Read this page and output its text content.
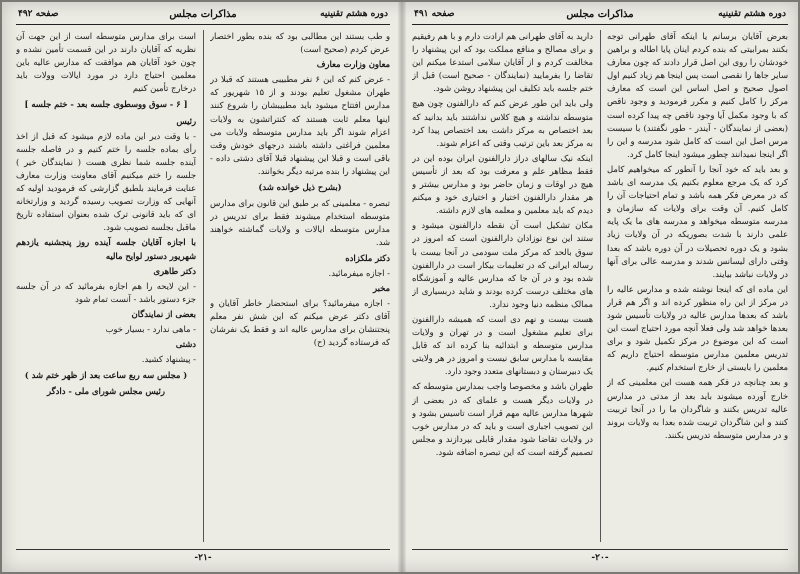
دوره هشتم تقنینیه
مذاکرات مجلس
صفحه ۴۹۲

و طب بستند این مطالبی بود که بنده بطور اختصار عرض کردم (صحیح است)

معاون وزارت معارف

- عرض کنم که این ۶ نفر مطبیبی هستند که قبلا در طهران مشغول تعلیم بودند و از ۱۵ شهریور که مدارس افتتاح میشود باید مطبیبشان را شروع کنند اینها معلم ثابت هستند که کنتراتشون به ولایات اعزام شوند اگر باید مدارس متوسطه ولایات می معلمین فراغتی داشته باشند درجهای خودش وقت باقی است و قبلا این پیشنهاد قبلا آقای دشتی داده - این پیشنهاد را بنده مرتبه دیگر بخوانند.

(بشرح ذیل خوانده شد)

تبصره - معلمینی که بر طبق این قانون برای مدارس متوسطه استخدام میشوند فقط برای تدریس در مدارس متوسطه ایالات و ولایات گماشته خواهند شد.

دکتر ملکزاده

- اجازه میفرمائید.

مخبر

- اجازه میفرمائید؟ برای استحضار خاطر آقایان و آقای دکتر عرض میکنم که این شش نفر معلم پنجتنشان برای مدارس عالیه اند و فقط یک نفرشان که فرستاده گردید (ح)

است برای مدارس متوسطه است از این جهت آن نظریه که آقایان دارند در این قسمت تأمین نشده و چون خود آقایان هم موافقت که مدارس عالیه باین معلمین احتیاج دارد در مورد ایالات وولات باید درخارج تأمین کنیم

[ ۶ - سوق ووسطوی جلسه بعد - ختم جلسه ]

رئیس

- با وقت دیر این ماده لازم میشود که قبل از اخذ رأی بماده جلسه را ختم کنیم و در فاصله جلسه آینده جلسه شما نظری هست ( نمایندگان خیر ) جلسه را ختم میکنیم آقای معاونت وزارت معارف عنایت فرمایند بلطبق گزارشی که فرمودید اولیه که آنهایی که وزارت تصویب رسیده گردید و وزارتخانه ای که باید قانونی ترک شده بعنوان استفاده تاریخ ماقبل بجلسه تصویب شود.

با اجازه آقایان جلسه آینده روز پنجشنبه یازدهم شهریور دستور لوایح مالیه

دکتر طاهری

- این لایحه را هم اجازه بفرمائید که در آن جلسه جزء دستور باشد - آنست تمام شود

بعضی از نمایندگان

- ماهی ندارد - بسیار خوب

دشتی

- پیشنهاد کشید.

( مجلس سه ربع ساعت بعد از ظهر ختم شد )

رئیس مجلس شورای ملی - دادگر

-۲۱-
دوره هشتم تقنینیه
مذاکرات مجلس
صفحه ۴۹۱

بعرض آقایان برسانم یا اینکه آقای طهرانی توجه بکنند بمرابیتی که بنده کردم اینان پایا اطاله و براهین خودشان را روی این اصل قرار دادند که چون معارف سایر جاها را نقصی است پس اینجا هم زیاد کنیم اول اصول صحیح و اصل اساس این است که معارف مرکز را کامل کنیم و مکرر فرمودید و وجود ناقص که با وجود مکمل آیا وجود ناقص چه پیدا کرده است (بعضی از نمایندگان - آیندر - طور نگفتند) با سیست مرس اصل این است که کامل شود مدرسه و این را اگر اینجا نمیدانند چطور میشود اینجا کامل کرد.

و بعد باید که خود آنجا را آنطور که میخواهیم کامل کرد که یک مرجع معلوم بکنیم یک مدرسه ای باشد که در معرض فکر همه باشد و تمام احتیاجات آن را کامل کنیم. آن وقت برای ولایات که سازمان و مدرسه متوسطه میخواهد و مدرسه های ما یک پایه علمی دارند با شدت بصوریکه در آن ولایات زیاد بشود و یک دوره تحصیلات در آن دوره باشد که بعدا وقتی دارای لیسانس شدند و مدرسه عالی برای آنها در ولایات نباشد بیایند.

این ماده ای که اینجا نوشته شده و مدارس عالیه را در مرکز از این راه منظور کرده اند و اگر هم قرار باشد که بعدها مدارس عالیه در ولایات تأسیس شود بعدها خواهد شد ولی فعلا آنچه مورد احتیاج است این است که این موضوع در مرکز تکمیل شود و برای تدریس معلمین مدارس متوسطه احتیاج داریم که معلمین را بایستی از خارج استخدام کنیم.

و بعد چنانچه در فکر همه هست این معلمینی که از خارج آورده میشوند باید بعد از مدتی در مدارس عالیه تدریس بکنند و شاگردان ما را در آنجا تربیت کنند و این شاگردان تربیت شده بعدا به ولایات بروند و در مدارس متوسطه تدریس بکنند.

دارید به آقای طهرانی هم ارادت دارم و با هم رفیقیم و برای مصالح و منافع مملکت بود که این پیشنهاد را مخالفت کردم و از آقایان سلامی استدعا میکنم این تقاضا را بفرمایید (نمایندگان - صحیح است) قبل از ختم جلسه باید تکلیف این پیشنهاد روشن شود.

ولی باید این طور عرض کنم که دارالفنون چون هیچ متوسطه نداشته و هیچ کلاس نداشتند باید بدانید که بعد اختصاص به مرکز داشت بعد اختصاص پیدا کرد به مرکز بعد باین ترتیب وقتی که اعزام شوند.

اینکه نیک سالهای دراز دارالفنون ایران بوده این در فقط مظاهر علم و معرفت بود که بعد از تأسیس هیچ در اوقات و زمان حاضر بود و مدارس بیشتر و هر مقدار دارالفنون اختیار و اختیاری خود و میکنم دیدم که باید معلمین و معلمه های لازم داشته.

مکان تشکیل است آن نقطه دارالفنون میشود و ستند این نوع نوزادان دارالفنون است که امروز در سوق بالحد که مرکز ملت سودمی در آنجا بیست با رساله ایرانی که در تعلیمات بیکار است در دارالفنون شده بود و در آن جا که مدارس عالیه و آموزشگاه های مختلف درست کرده بودند و شاید دربسیاری از ممالک منظمه دنیا وجود ندارد.

هست بیست و نهم دی است که همیشه دارالفنون برای تعلیم مشغول است و در تهران و ولایات مدارس متوسطه و ابتدائیه بنا کرده اند که قابل مقایسه با مدارس سابق نیست و امروز در هر ولایتی یک دبیرستان و دبستانهای متعدد وجود دارد.

طهران باشد و مخصوصا واجب بمدارس متوسطه که در ولایات دیگر هست و علمای که در بعضی از شهرها مدارس عالیه مهم قرار است تاسیس بشود و این تصویب اجباری است و باید که در مدارس خوب در ولایات تقاضا شود مقدار قابلی بپردازند و مجلس تصمیم گرفته است که این تبصره اضافه شود.

-۲۰-
